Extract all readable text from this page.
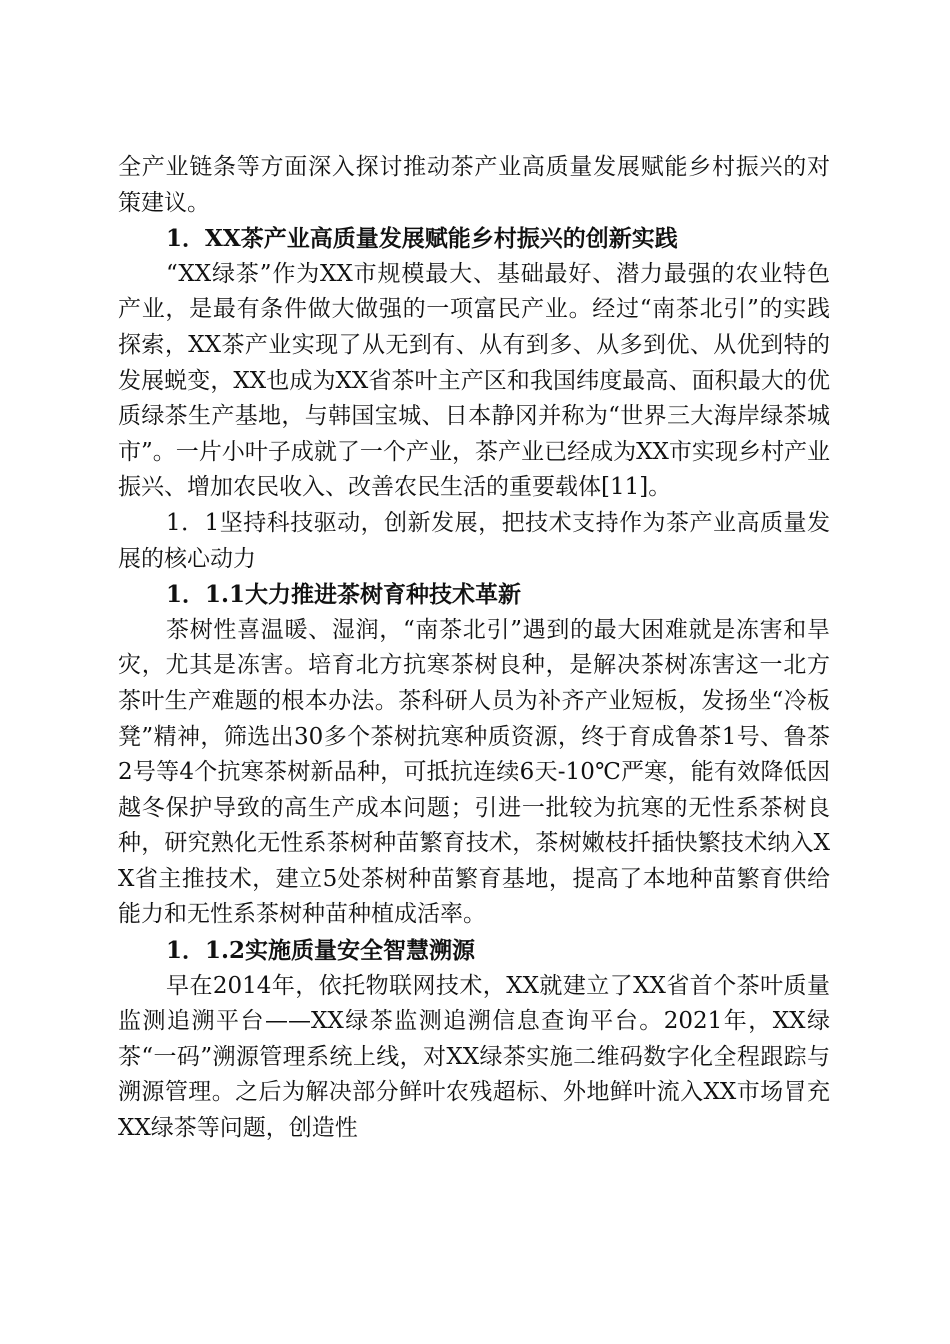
全产业链条等方面深入探讨推动茶产业高质量发展赋能乡村振兴的对策建议。

1．XX茶产业高质量发展赋能乡村振兴的创新实践

“XX绿茶”作为XX市规模最大、基础最好、潜力最强的农业特色产业，是最有条件做大做强的一项富民产业。经过“南茶北引”的实践探索，XX茶产业实现了从无到有、从有到多、从多到优、从优到特的发展蜕变，XX也成为XX省茶叶主产区和我国纬度最高、面积最大的优质绿茶生产基地，与韩国宝城、日本静冈并称为“世界三大海岸绿茶城市”。一片小叶子成就了一个产业，茶产业已经成为XX市实现乡村产业振兴、增加农民收入、改善农民生活的重要载体[11]。

1．1坚持科技驱动，创新发展，把技术支持作为茶产业高质量发展的核心动力

1．1.1大力推进茶树育种技术革新

茶树性喜温暖、湿润，“南茶北引”遇到的最大困难就是冻害和旱灾，尤其是冻害。培育北方抗寒茶树良种，是解决茶树冻害这一北方茶叶生产难题的根本办法。茶科研人员为补齐产业短板，发扬坐“冷板凳”精神，筛选出30多个茶树抗寒种质资源，终于育成鲁茶1号、鲁茶2号等4个抗寒茶树新品种，可抵抗连续6天-10℃严寒，能有效降低因越冬保护导致的高生产成本问题；引进一批较为抗寒的无性系茶树良种，研究熟化无性系茶树种苗繁育技术，茶树嫩枝扦插快繁技术纳入XX省主推技术，建立5处茶树种苗繁育基地，提高了本地种苗繁育供给能力和无性系茶树种苗种植成活率。

1．1.2实施质量安全智慧溯源

早在2014年，依托物联网技术，XX就建立了XX省首个茶叶质量监测追溯平台——XX绿茶监测追溯信息查询平台。2021年，XX绿茶“一码”溯源管理系统上线，对XX绿茶实施二维码数字化全程跟踪与溯源管理。之后为解决部分鲜叶农残超标、外地鲜叶流入XX市场冒充XX绿茶等问题，创造性
